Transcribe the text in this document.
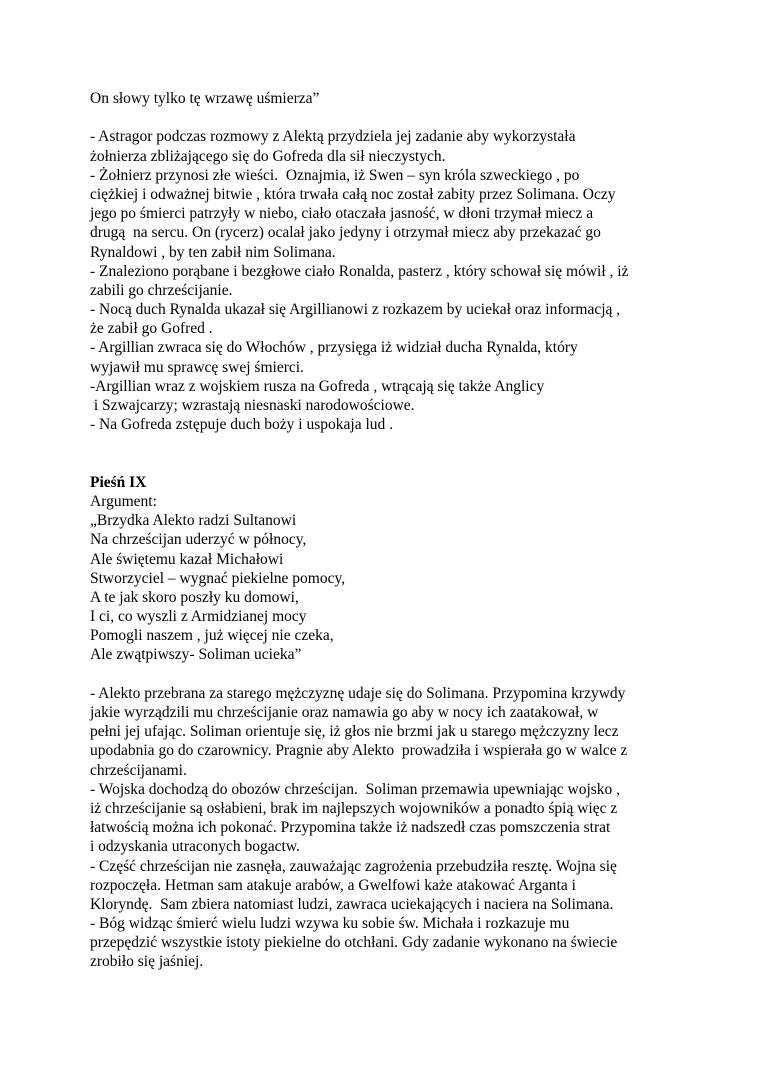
On słowy tylko tę wrzawę uśmierza”
- Astragor podczas rozmowy z Alektą przydziela jej zadanie aby wykorzystała
żołnierza zbliżającego się do Gofreda dla sił nieczystych.
- Żołnierz przynosi złe wieści.  Oznajmia, iż Swen – syn króla szweckiego , po
ciężkiej i odważnej bitwie , która trwała całą noc został zabity przez Solimana. Oczy
jego po śmierci patrzyły w niebo, ciało otaczała jasność, w dłoni trzymał miecz a
drugą  na sercu. On (rycerz) ocalał jako jedyny i otrzymał miecz aby przekazać go
Rynaldowi , by ten zabił nim Solimana.
- Znaleziono porąbane i bezgłowe ciało Ronalda, pasterz , który schował się mówił , iż
zabili go chrześcijanie.
- Nocą duch Rynalda ukazał się Argillianowi z rozkazem by uciekał oraz informacją ,
że zabił go Gofred .
- Argillian zwraca się do Włochów , przysięga iż widział ducha Rynalda, który
wyjawił mu sprawcę swej śmierci.
-Argillian wraz z wojskiem rusza na Gofreda , wtrącają się także Anglicy
i Szwajcarzy; wzrastają niesnaski narodowościowe.
- Na Gofreda zstępuje duch boży i uspokaja lud .
Pieśń IX
Argument:
„Brzydka Alekto radzi Sultanowi
Na chrześcijan uderzyć w północy,
Ale świętemu kazał Michałowi
Stworzyciel – wygnać piekielne pomocy,
A te jak skoro poszły ku domowi,
I ci, co wyszli z Armidzianej mocy
Pomogli naszem , już więcej nie czeka,
Ale zwątpiwszy- Soliman ucieka”
- Alekto przebrana za starego mężczyznę udaje się do Solimana. Przypomina krzywdy
jakie wyrządzili mu chrześcijanie oraz namawia go aby w nocy ich zaatakował, w
pełni jej ufając. Soliman orientuje się, iż głos nie brzmi jak u starego mężczyzny lecz
upodabnia go do czarownicy. Pragnie aby Alekto  prowadziła i wspierała go w walce z
chrześcijanami.
- Wojska dochodzą do obozów chrześcijan.  Soliman przemawia upewniając wojsko ,
iż chrześcijanie są osłabieni, brak im najlepszych wojowników a ponadto śpią więc z
łatwością można ich pokonać. Przypomina także iż nadszedł czas pomszczenia strat
i odzyskania utraconych bogactw.
- Część chrześcijan nie zasnęła, zauważając zagrożenia przebudziła resztę. Wojna się
rozpoczęła. Hetman sam atakuje arabów, a Gwelfowi każe atakować Arganta i
Kloryndę.  Sam zbiera natomiast ludzi, zawraca uciekających i naciera na Solimana.
- Bóg widząc śmierć wielu ludzi wzywa ku sobie św. Michała i rozkazuje mu
przepędzić wszystkie istoty piekielne do otchłani. Gdy zadanie wykonano na świecie
zrobiło się jaśniej.
